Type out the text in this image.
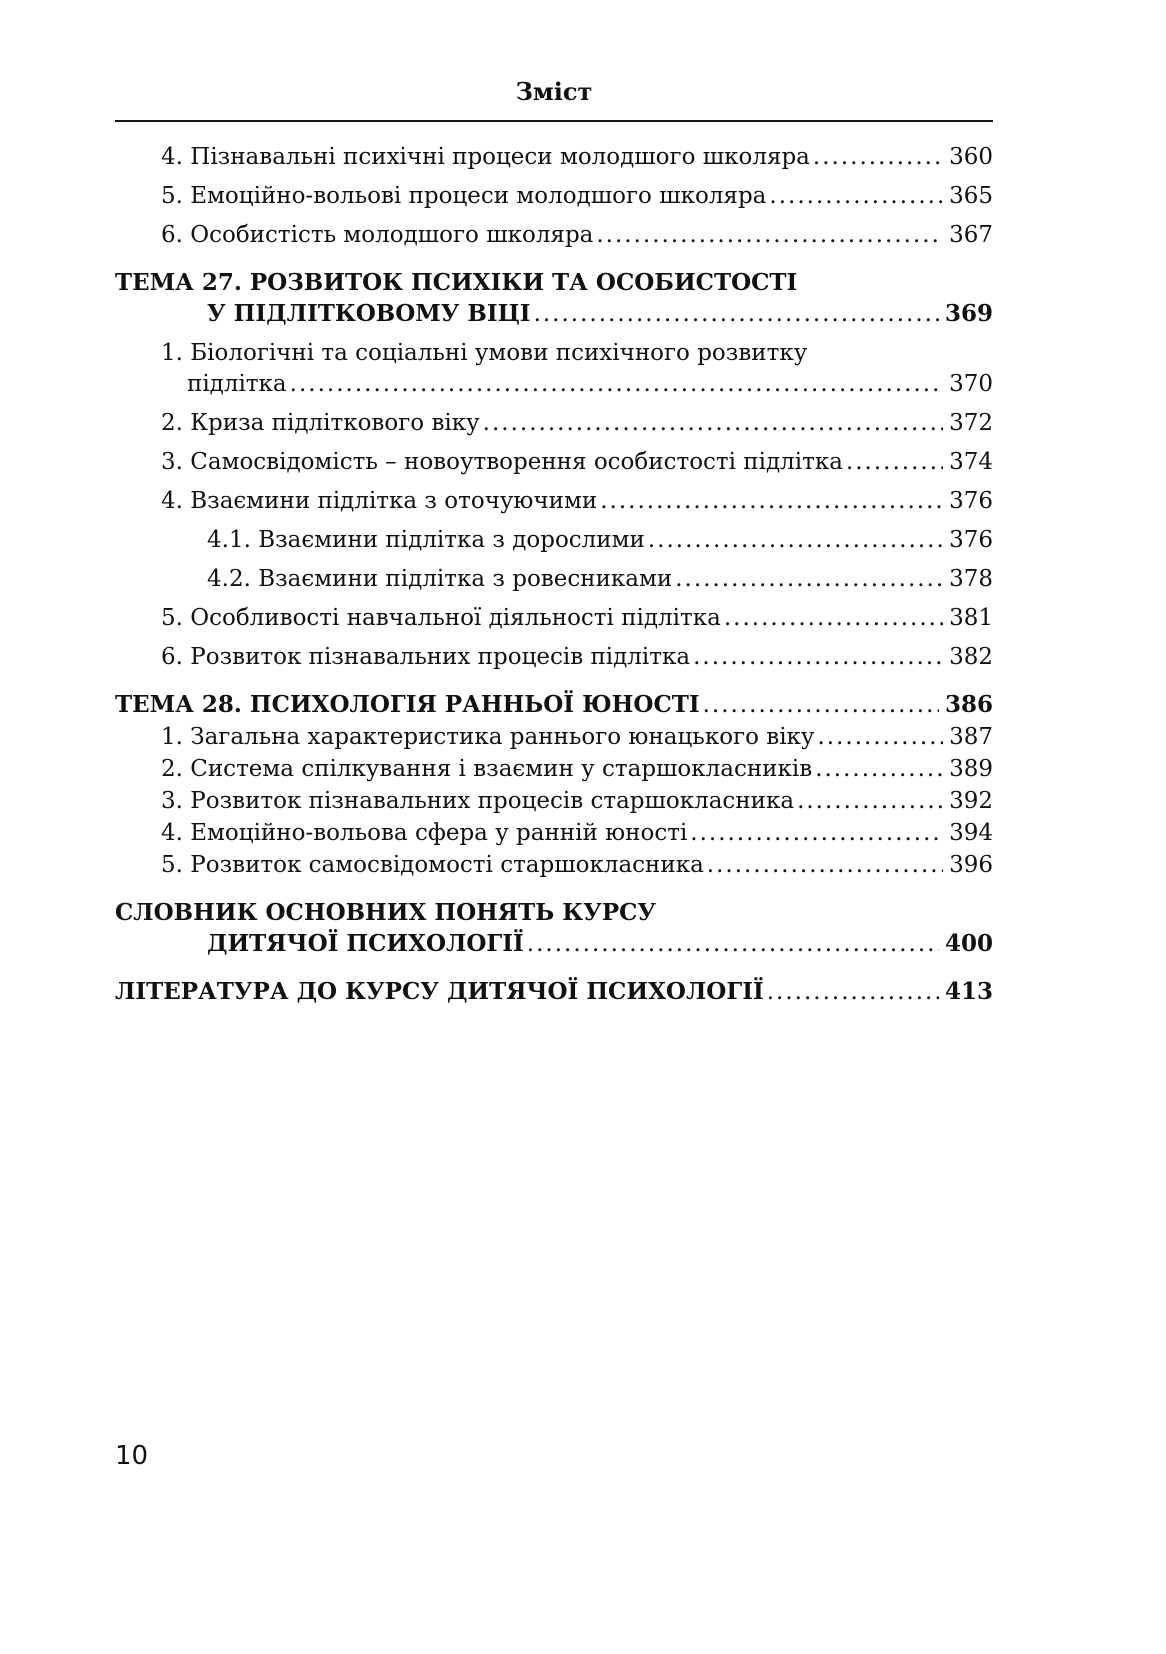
Зміст
4. Пізнавальні психічні процеси молодшого школяра .....	360
5. Емоційно-вольові процеси молодшого школяра .....	365
6. Особистість молодшого школяра .....	367
ТЕМА 27. РОЗВИТОК ПСИХІКИ ТА ОСОБИСТОСТІ
У ПІДЛІТКОВОМУ ВІЦІ .....	369
1. Біологічні та соціальні умови психічного розвитку
підлітка .....	370
2. Криза підліткового віку .....	372
3. Самосвідомість – новоутворення особистості підлітка .....	374
4. Взаємини підлітка з оточуючими .....	376
4.1. Взаємини підлітка з дорослими .....	376
4.2. Взаємини підлітка з ровесниками .....	378
5. Особливості навчальної діяльності підлітка .....	381
6. Розвиток пізнавальних процесів підлітка .....	382
ТЕМА 28. ПСИХОЛОГІЯ РАННЬОЇ ЮНОСТІ .....	386
1. Загальна характеристика раннього юнацького віку .....	387
2. Система спілкування і взаємин у старшокласників .....	389
3. Розвиток пізнавальних процесів старшокласника .....	392
4. Емоційно-вольова сфера у ранній юності .....	394
5. Розвиток самосвідомості старшокласника .....	396
СЛОВНИК ОСНОВНИХ ПОНЯТЬ КУРСУ
ДИТЯЧОЇ ПСИХОЛОГІЇ .....	400
ЛІТЕРАТУРА ДО КУРСУ ДИТЯЧОЇ ПСИХОЛОГІЇ .....	413
10
